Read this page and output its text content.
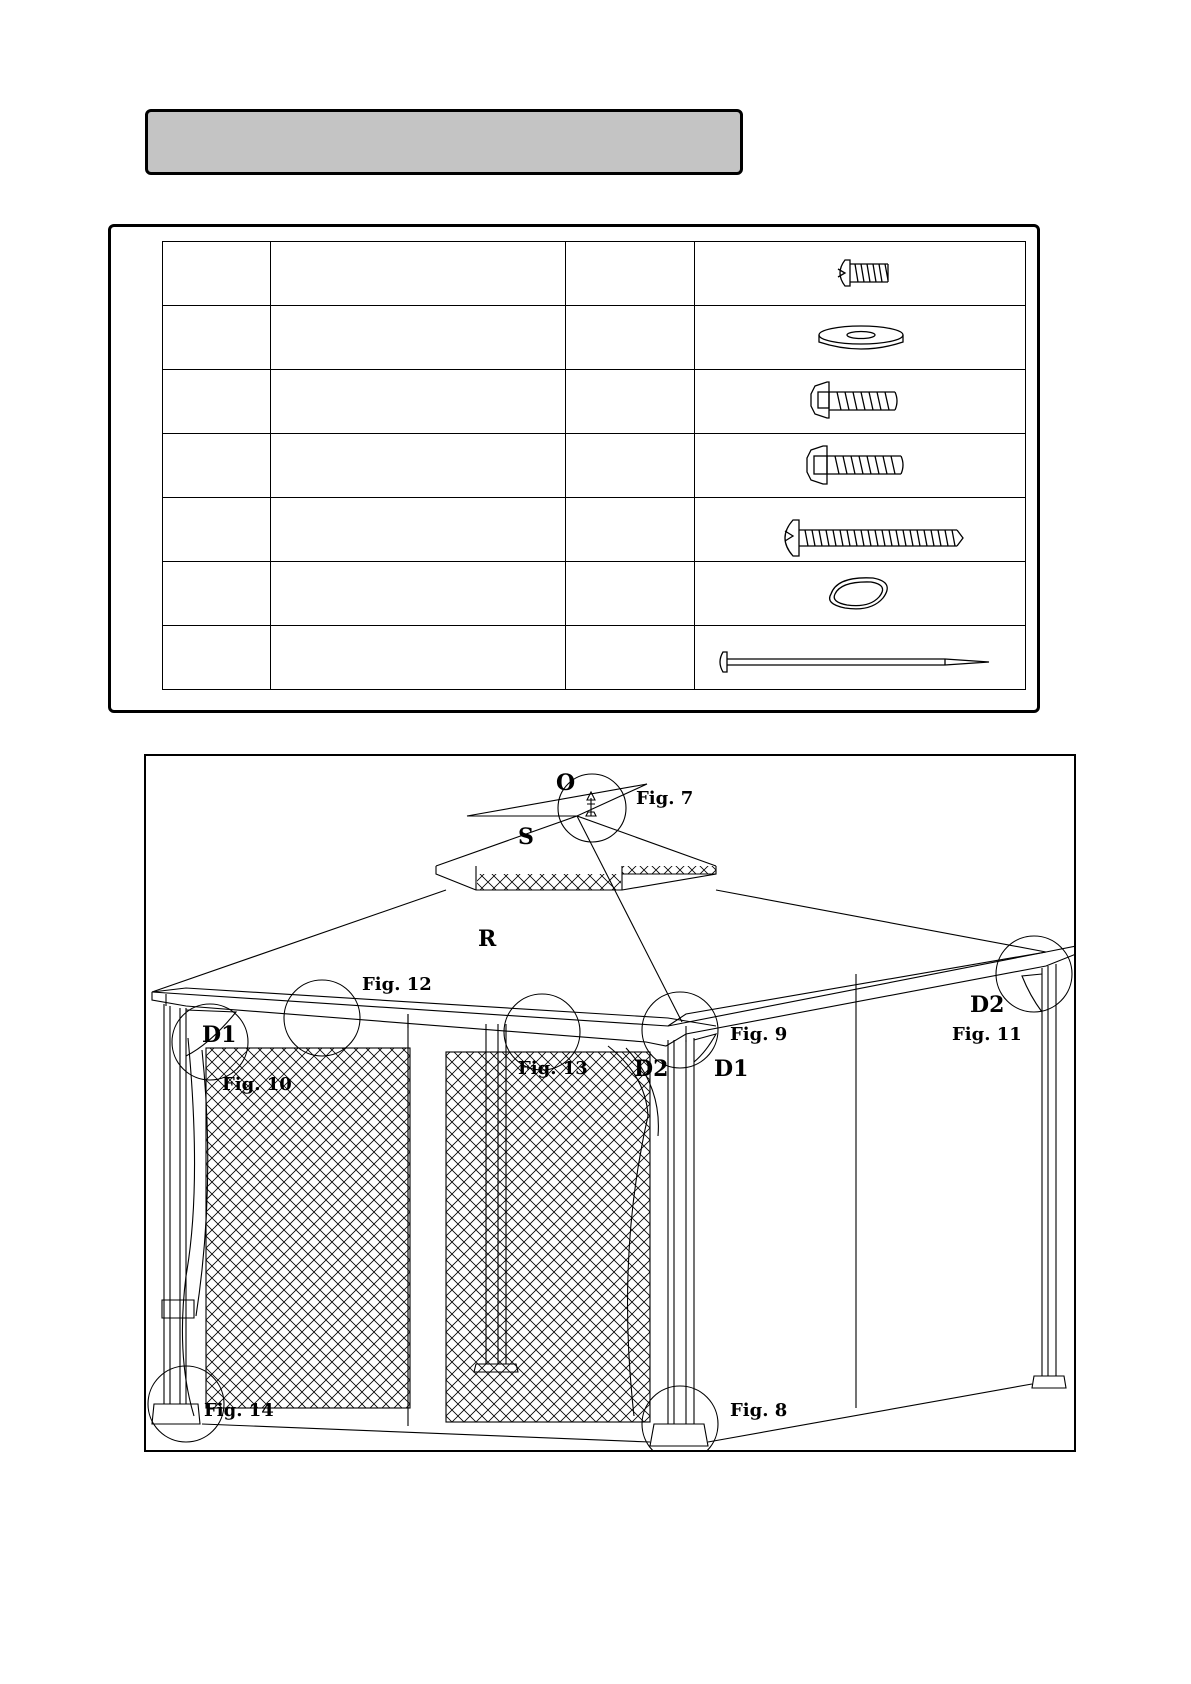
O
S
R
D1
D2 D1
D2
Fig. 7
Fig. 8
Fig. 9
Fig. 10
Fig. 11
Fig. 12
Fig. 13
Fig. 14
